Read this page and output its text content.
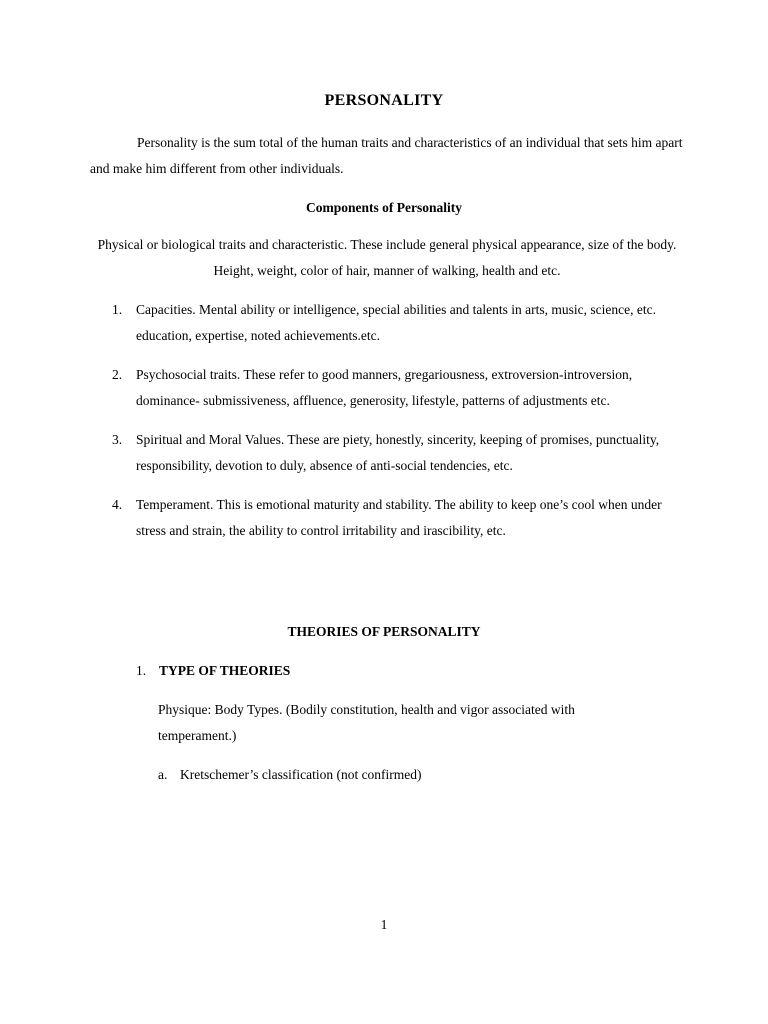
PERSONALITY

Personality is the sum total of the human traits and characteristics of an individual that sets him apart and make him different from other individuals.

Components of Personality

Physical or biological traits and characteristic. These include general physical appearance, size of the body. Height, weight, color of hair, manner of walking, health and etc.

1. Capacities. Mental ability or intelligence, special abilities and talents in arts, music, science, etc. education, expertise, noted achievements.etc.
2. Psychosocial traits. These refer to good manners, gregariousness, extroversion-introversion, dominance- submissiveness, affluence, generosity, lifestyle, patterns of adjustments etc.
3. Spiritual and Moral Values. These are piety, honestly, sincerity, keeping of promises, punctuality, responsibility, devotion to duly, absence of anti-social tendencies, etc.
4. Temperament. This is emotional maturity and stability. The ability to keep one’s cool when under stress and strain, the ability to control irritability and irascibility, etc.
THEORIES OF PERSONALITY
1. TYPE OF THEORIES

Physique: Body Types. (Bodily constitution, health and vigor associated with temperament.)

a. Kretschemer’s classification (not confirmed)
1
